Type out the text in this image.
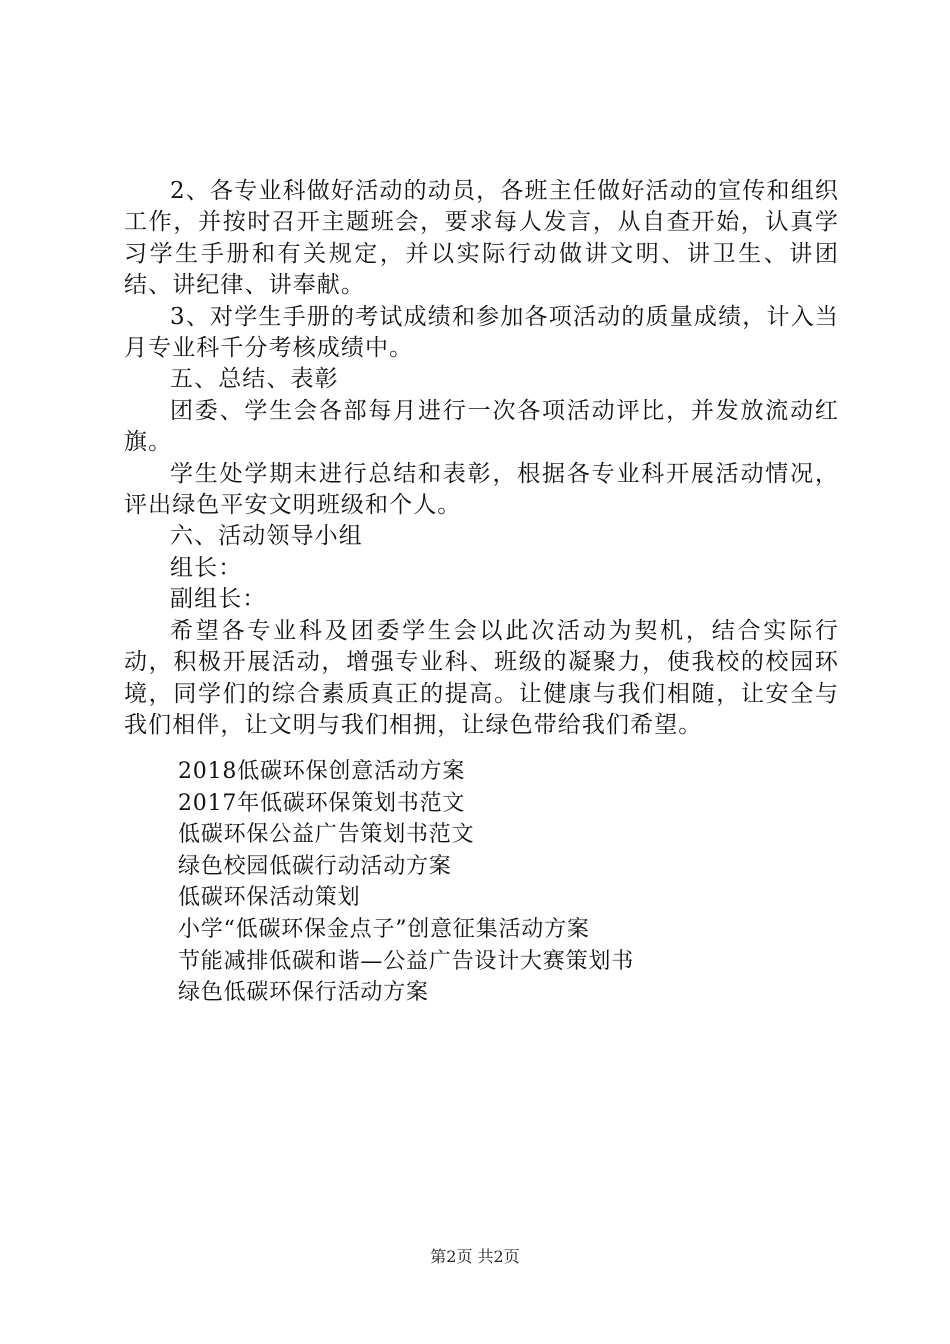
2、各专业科做好活动的动员，各班主任做好活动的宣传和组织工作，并按时召开主题班会，要求每人发言，从自查开始，认真学习学生手册和有关规定，并以实际行动做讲文明、讲卫生、讲团结、讲纪律、讲奉献。

3、对学生手册的考试成绩和参加各项活动的质量成绩，计入当月专业科千分考核成绩中。

五、总结、表彰

团委、学生会各部每月进行一次各项活动评比，并发放流动红旗。

学生处学期末进行总结和表彰，根据各专业科开展活动情况，评出绿色平安文明班级和个人。

六、活动领导小组

组长：

副组长：

希望各专业科及团委学生会以此次活动为契机，结合实际行动，积极开展活动，增强专业科、班级的凝聚力，使我校的校园环境，同学们的综合素质真正的提高。让健康与我们相随，让安全与我们相伴，让文明与我们相拥，让绿色带给我们希望。

2018低碳环保创意活动方案
2017年低碳环保策划书范文
低碳环保公益广告策划书范文
绿色校园低碳行动活动方案
低碳环保活动策划
小学“低碳环保金点子”创意征集活动方案
节能减排低碳和谐—公益广告设计大赛策划书
绿色低碳环保行活动方案
第2页 共2页
